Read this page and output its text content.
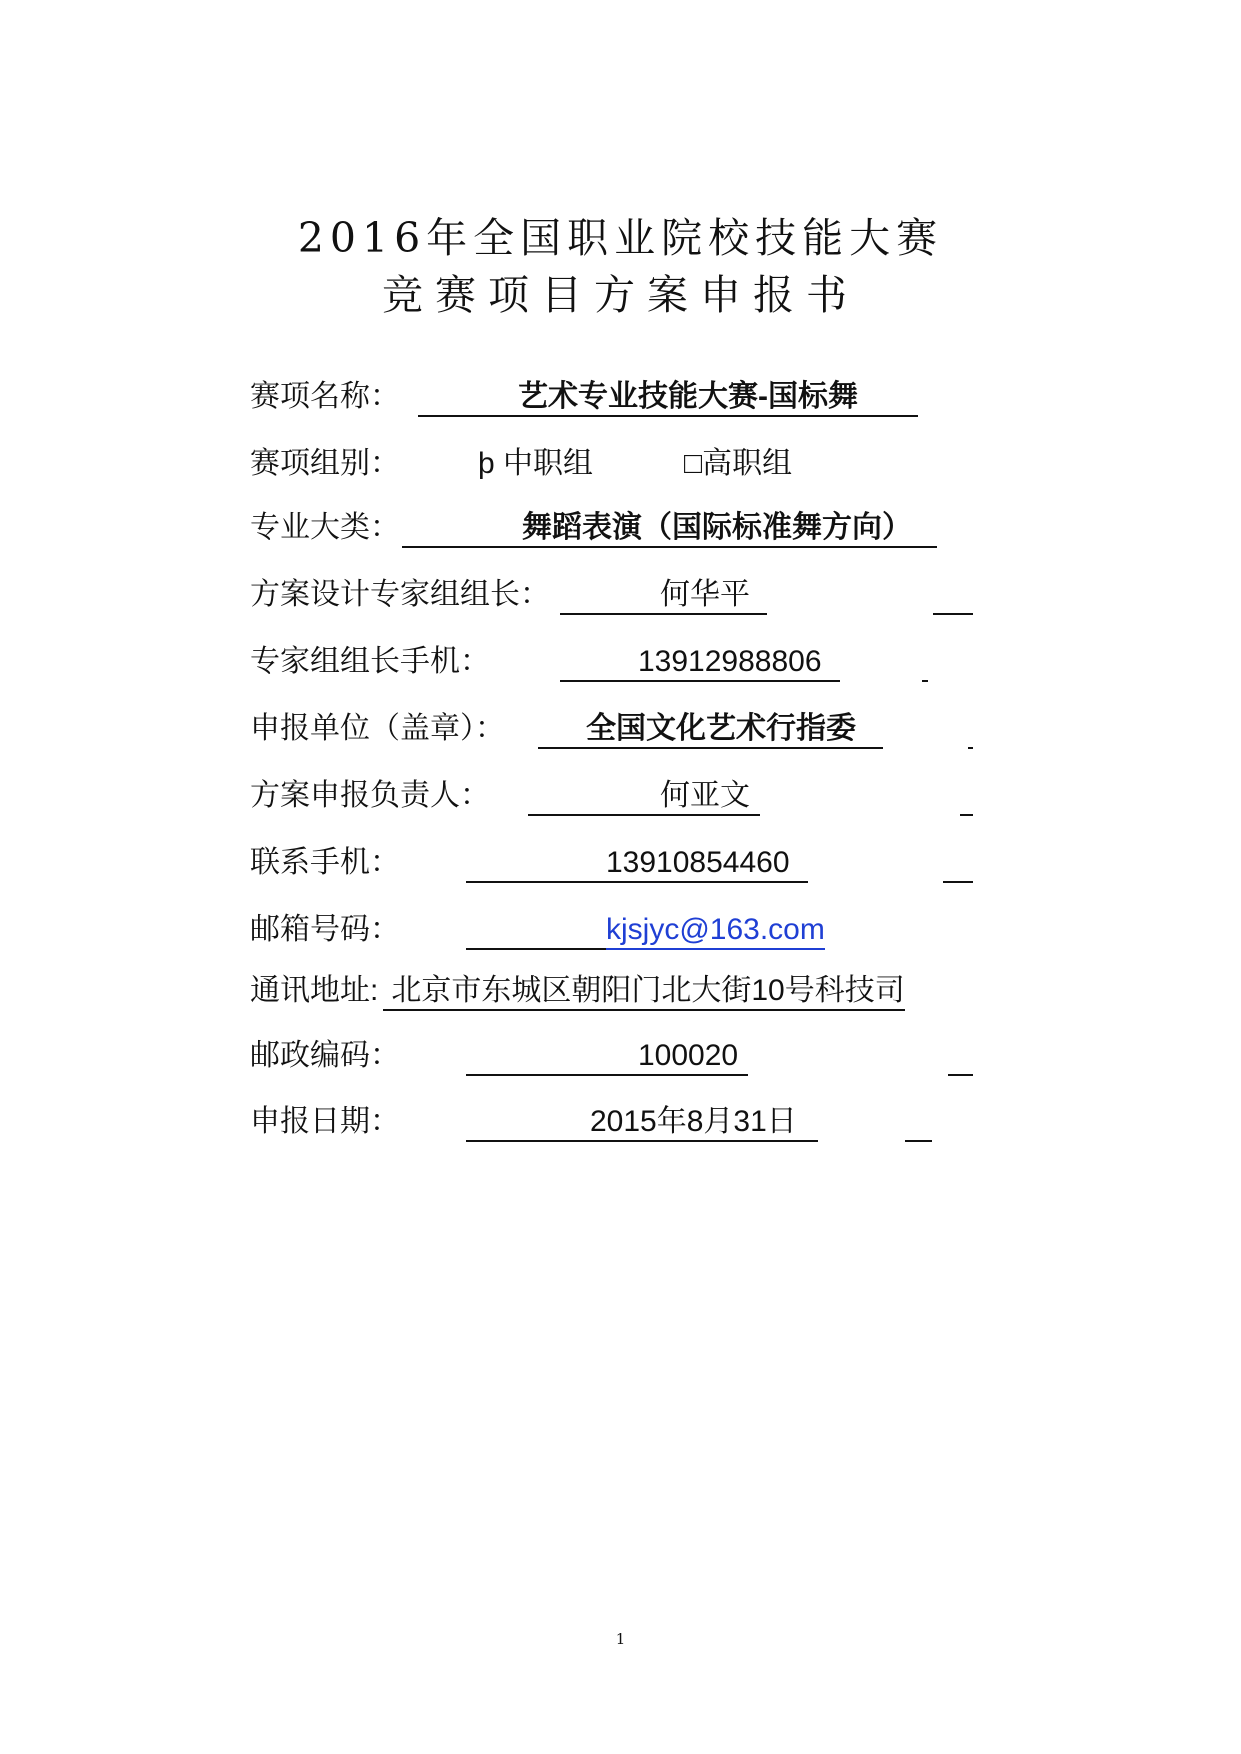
2016年全国职业院校技能大赛
竞赛项目方案申报书
赛项名称：	艺术专业技能大赛-国标舞
赛项组别：	þ 中职组	□高职组
专业大类：	舞蹈表演（国际标准舞方向）
方案设计专家组组长：	何华平
专家组组长手机：	13912988806
申报单位（盖章）：	全国文化艺术行指委
方案申报负责人：	何亚文
联系手机：	13910854460
邮箱号码：	kjsjyc@163.com
通讯地址: 北京市东城区朝阳门北大街10号科技司
邮政编码：	100020
申报日期：	2015年8月31日
1
